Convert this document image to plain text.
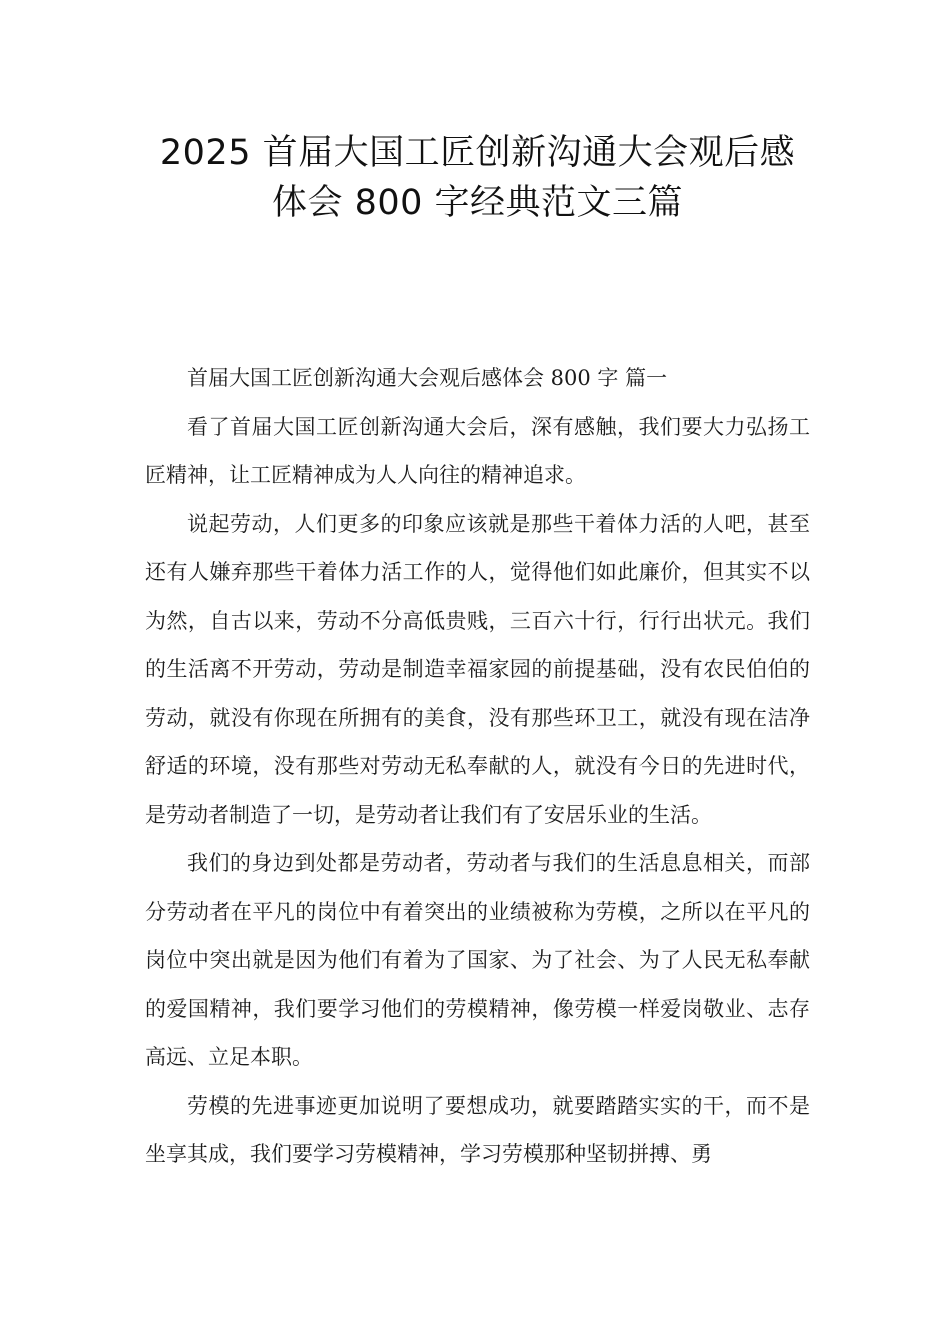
2025 首届大国工匠创新沟通大会观后感
体会 800 字经典范文三篇

首届大国工匠创新沟通大会观后感体会 800 字 篇一

看了首届大国工匠创新沟通大会后，深有感触，我们要大力弘扬工匠精神，让工匠精神成为人人向往的精神追求。

说起劳动，人们更多的印象应该就是那些干着体力活的人吧，甚至还有人嫌弃那些干着体力活工作的人，觉得他们如此廉价，但其实不以为然，自古以来，劳动不分高低贵贱，三百六十行，行行出状元。我们的生活离不开劳动，劳动是制造幸福家园的前提基础，没有农民伯伯的劳动，就没有你现在所拥有的美食，没有那些环卫工，就没有现在洁净舒适的环境，没有那些对劳动无私奉献的人，就没有今日的先进时代，是劳动者制造了一切，是劳动者让我们有了安居乐业的生活。

我们的身边到处都是劳动者，劳动者与我们的生活息息相关，而部分劳动者在平凡的岗位中有着突出的业绩被称为劳模，之所以在平凡的岗位中突出就是因为他们有着为了国家、为了社会、为了人民无私奉献的爱国精神，我们要学习他们的劳模精神，像劳模一样爱岗敬业、志存高远、立足本职。

劳模的先进事迹更加说明了要想成功，就要踏踏实实的干，而不是坐享其成，我们要学习劳模精神，学习劳模那种坚韧拼搏、勇
